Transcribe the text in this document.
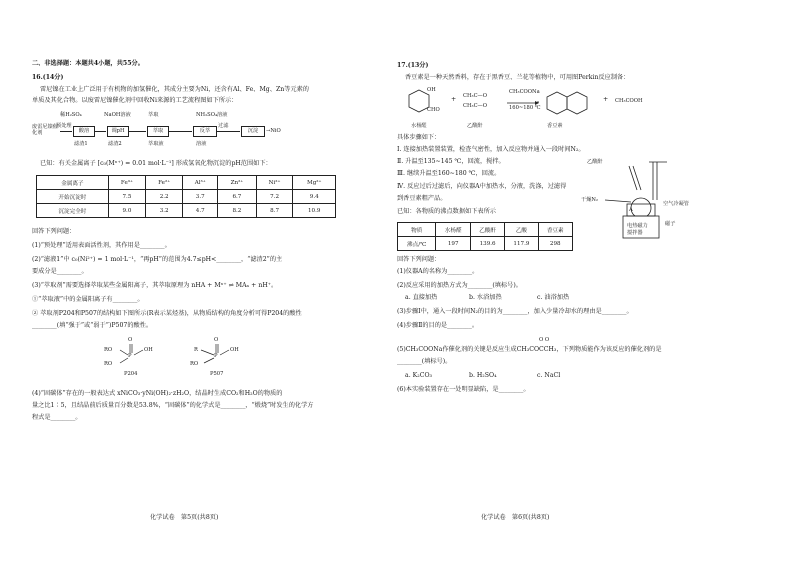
二、非选择题：本题共4小题，共55分。
16.(14分)
雷尼镍在工业上广泛用于有机物的加氢催化，其成分主要为Ni，还含有Al、Fe、Mg、Zn等元素的
单质及其化合物。以废雷尼镍催化剂中回收Ni来源的工艺流程图如下所示：
稀H₂SO₄	NaOH溶液	萃取	NH₂SO₄溶液
废雷尼镍催化剂
预处理
酸溶	调pH	萃取	反萃
过滤
沉淀	→NiO
滤渣1	滤渣2	萃取液	溶液
已知：有关金属离子 [c₀(Mⁿ⁺) = 0.01 mol·L⁻¹] 形成氢氧化物沉淀的pH范围如下：
金属离子	Fe³⁺	Fe²⁺	Al³⁺	Zn²⁺	Ni²⁺	Mg²⁺
开始沉淀时	7.5	2.2	3.7	6.7	7.2	9.4
沉淀完全时	9.0	3.2	4.7	8.2	8.7	10.9
回答下列问题：
(1)“预处理”适用表面活性剂，其作用是________。
(2)“滤液1”中 c₀(Ni²⁺) = 1 mol·L⁻¹，“再pH”的范围为4.7≤pH<________，“滤渣2”的主
要成分是________。
(3)“萃取剂”需要选择萃取某些金属阳离子，其萃取原理为 nHA + Mⁿ⁺ ⇌ MAₙ + nH⁺。
①“萃取液”中的金属阳离子有________。
② 萃取剂P204和P507的结构如下图所示(R表示某烃基)，从物质结构的角度分析可得P204的酸性
________(填“强于”或“弱于”)P507的酸性。
O
RO
P
OH
RO
P204
O
R
P
OH
RO
P507
(4)“固碳体”存在的一般表达式 xNiCO₃·yNi(OH)₂·zH₂O，结晶时生成CO₂和H₂O的物质的
量之比1∶5，且结晶前后质量百分数是53.8%，“固碳体”的化学式是________，“煅烧”时发生的化学方
程式是________。
化学试卷　第5页(共8页)
17.(13分)
香豆素是一种天然香料，存在于黑香豆、兰花等植物中，可用图Perkin反应制备：
OH
CHO
+ CH₃C—O
CH₃C—O
CH₃COONa
160~180 ℃
+ CH₃COOH
水杨醛	乙酸酐	香豆素
具体步骤如下：
Ⅰ. 连接加热装置装置，检查气密性，加入反应物并通入一段时间N₂。
Ⅱ. 升温至135~145 ℃，回流，搅拌。
Ⅲ. 继续升温至160~180 ℃，回流。
Ⅳ. 反应过后过滤后，向仪器A中加热水，分液，洗涤，过滤得
到香豆素粗产品。
已知：各物质的沸点数据如下表所示
乙酸酐
干燥N₂
空气冷凝管
A
磁子
电热磁力
搅拌器
物质	水杨醛	乙酸酐	乙酸	香豆素
沸点/℃	197	139.6	117.9	298
回答下列问题：
(1)仪器A的名称为________。
(2)反应采用的加热方式为________(填标号)。
a. 直接加热	b. 水浴加热	c. 油浴加热
(3)步骤Ⅰ中，通入一段时间N₂的目的为________，加入少量冷却水的理由是________。
(4)步骤Ⅱ的目的是________。
O O
(5)CH₃COONa作催化剂的关键是反应生成CH₃COCCH₃，下列物质能作为该反应的催化剂的是
________(填标号)。
a. K₂CO₃	b. H₂SO₄	c. NaCl
(6)本实验装置存在一处明显缺陷，是________。
化学试卷　第6页(共8页)
